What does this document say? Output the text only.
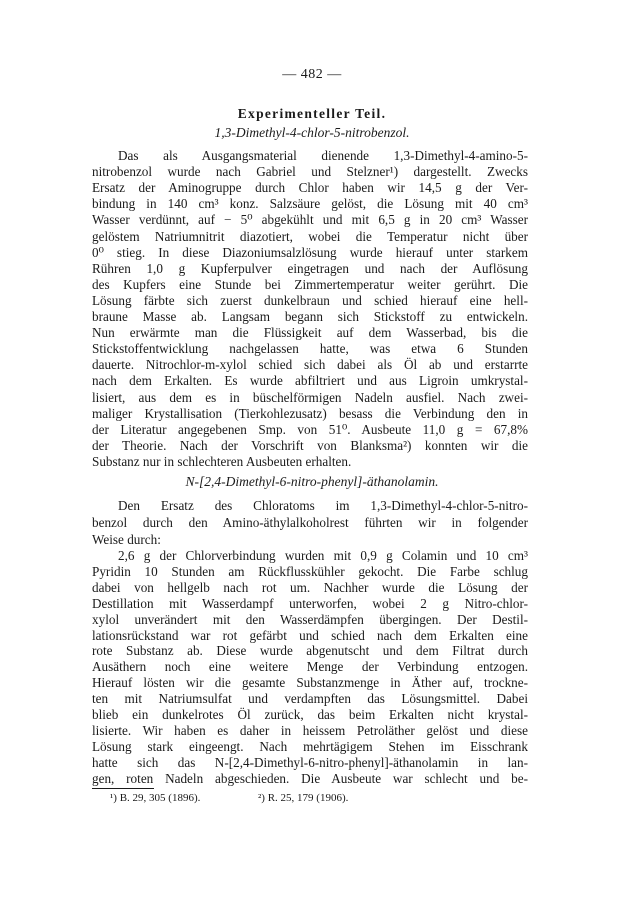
— 482 —
Experimenteller Teil.
1,3-Dimethyl-4-chlor-5-nitrobenzol.
Das als Ausgangsmaterial dienende 1,3-Dimethyl-4-amino-5-
nitrobenzol wurde nach Gabriel und Stelzner¹) dargestellt. Zwecks
Ersatz der Aminogruppe durch Chlor haben wir 14,5 g der Ver-
bindung in 140 cm³ konz. Salzsäure gelöst, die Lösung mit 40 cm³
Wasser verdünnt, auf − 5⁰ abgekühlt und mit 6,5 g in 20 cm³ Wasser
gelöstem Natriumnitrit diazotiert, wobei die Temperatur nicht über
0⁰ stieg. In diese Diazoniumsalzlösung wurde hierauf unter starkem
Rühren 1,0 g Kupferpulver eingetragen und nach der Auflösung
des Kupfers eine Stunde bei Zimmertemperatur weiter gerührt. Die
Lösung färbte sich zuerst dunkelbraun und schied hierauf eine hell-
braune Masse ab. Langsam begann sich Stickstoff zu entwickeln.
Nun erwärmte man die Flüssigkeit auf dem Wasserbad, bis die
Stickstoffentwicklung nachgelassen hatte, was etwa 6 Stunden
dauerte. Nitrochlor-m-xylol schied sich dabei als Öl ab und erstarrte
nach dem Erkalten. Es wurde abfiltriert und aus Ligroin umkrystal-
lisiert, aus dem es in büschelförmigen Nadeln ausfiel. Nach zwei-
maliger Krystallisation (Tierkohlezusatz) besass die Verbindung den in
der Literatur angegebenen Smp. von 51⁰. Ausbeute 11,0 g = 67,8%
der Theorie. Nach der Vorschrift von Blanksma²) konnten wir die
Substanz nur in schlechteren Ausbeuten erhalten.
N-[2,4-Dimethyl-6-nitro-phenyl]-äthanolamin.
Den Ersatz des Chloratoms im 1,3-Dimethyl-4-chlor-5-nitro-
benzol durch den Amino-äthylalkoholrest führten wir in folgender
Weise durch:
2,6 g der Chlorverbindung wurden mit 0,9 g Colamin und 10 cm³
Pyridin 10 Stunden am Rückflusskühler gekocht. Die Farbe schlug
dabei von hellgelb nach rot um. Nachher wurde die Lösung der
Destillation mit Wasserdampf unterworfen, wobei 2 g Nitro-chlor-
xylol unverändert mit den Wasserdämpfen übergingen. Der Destil-
lationsrückstand war rot gefärbt und schied nach dem Erkalten eine
rote Substanz ab. Diese wurde abgenutscht und dem Filtrat durch
Ausäthern noch eine weitere Menge der Verbindung entzogen.
Hierauf lösten wir die gesamte Substanzmenge in Äther auf, trockne-
ten mit Natriumsulfat und verdampften das Lösungsmittel. Dabei
blieb ein dunkelrotes Öl zurück, das beim Erkalten nicht krystal-
lisierte. Wir haben es daher in heissem Petroläther gelöst und diese
Lösung stark eingeengt. Nach mehrtägigem Stehen im Eisschrank
hatte sich das N-[2,4-Dimethyl-6-nitro-phenyl]-äthanolamin in lan-
gen, roten Nadeln abgeschieden. Die Ausbeute war schlecht und be-
¹) B. 29, 305 (1896).	²) R. 25, 179 (1906).
